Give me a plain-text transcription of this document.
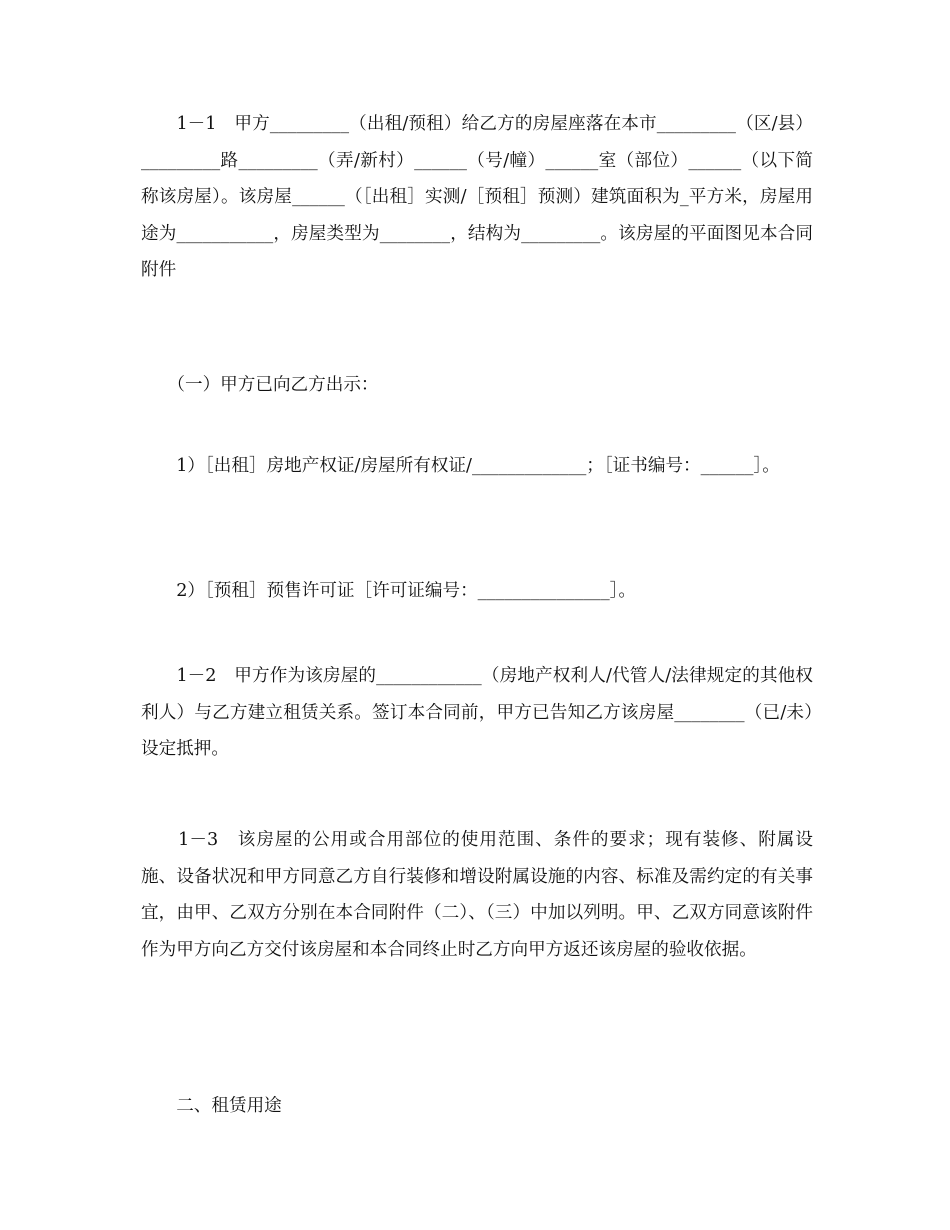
　　1－1　甲方_________（出租/预租）给乙方的房屋座落在本市_________（区/县）_________路_________（弄/新村）______（号/幢）______室（部位）______（以下简称该房屋）。该房屋______（［出租］实测/［预租］预测）建筑面积为_平方米，房屋用途为___________，房屋类型为________，结构为_________。该房屋的平面图见本合同附件

　　（一）甲方已向乙方出示：

　　1）［出租］房地产权证/房屋所有权证/_____________；［证书编号：______］。

　　2）［预租］预售许可证［许可证编号：_______________］。

　　1－2　甲方作为该房屋的____________（房地产权利人/代管人/法律规定的其他权利人）与乙方建立租赁关系。签订本合同前，甲方已告知乙方该房屋________（已/未）设定抵押。

　　1－3　该房屋的公用或合用部位的使用范围、条件的要求；现有装修、附属设施、设备状况和甲方同意乙方自行装修和增设附属设施的内容、标准及需约定的有关事宜，由甲、乙双方分别在本合同附件（二）、（三）中加以列明。甲、乙双方同意该附件作为甲方向乙方交付该房屋和本合同终止时乙方向甲方返还该房屋的验收依据。

　　二、租赁用途
